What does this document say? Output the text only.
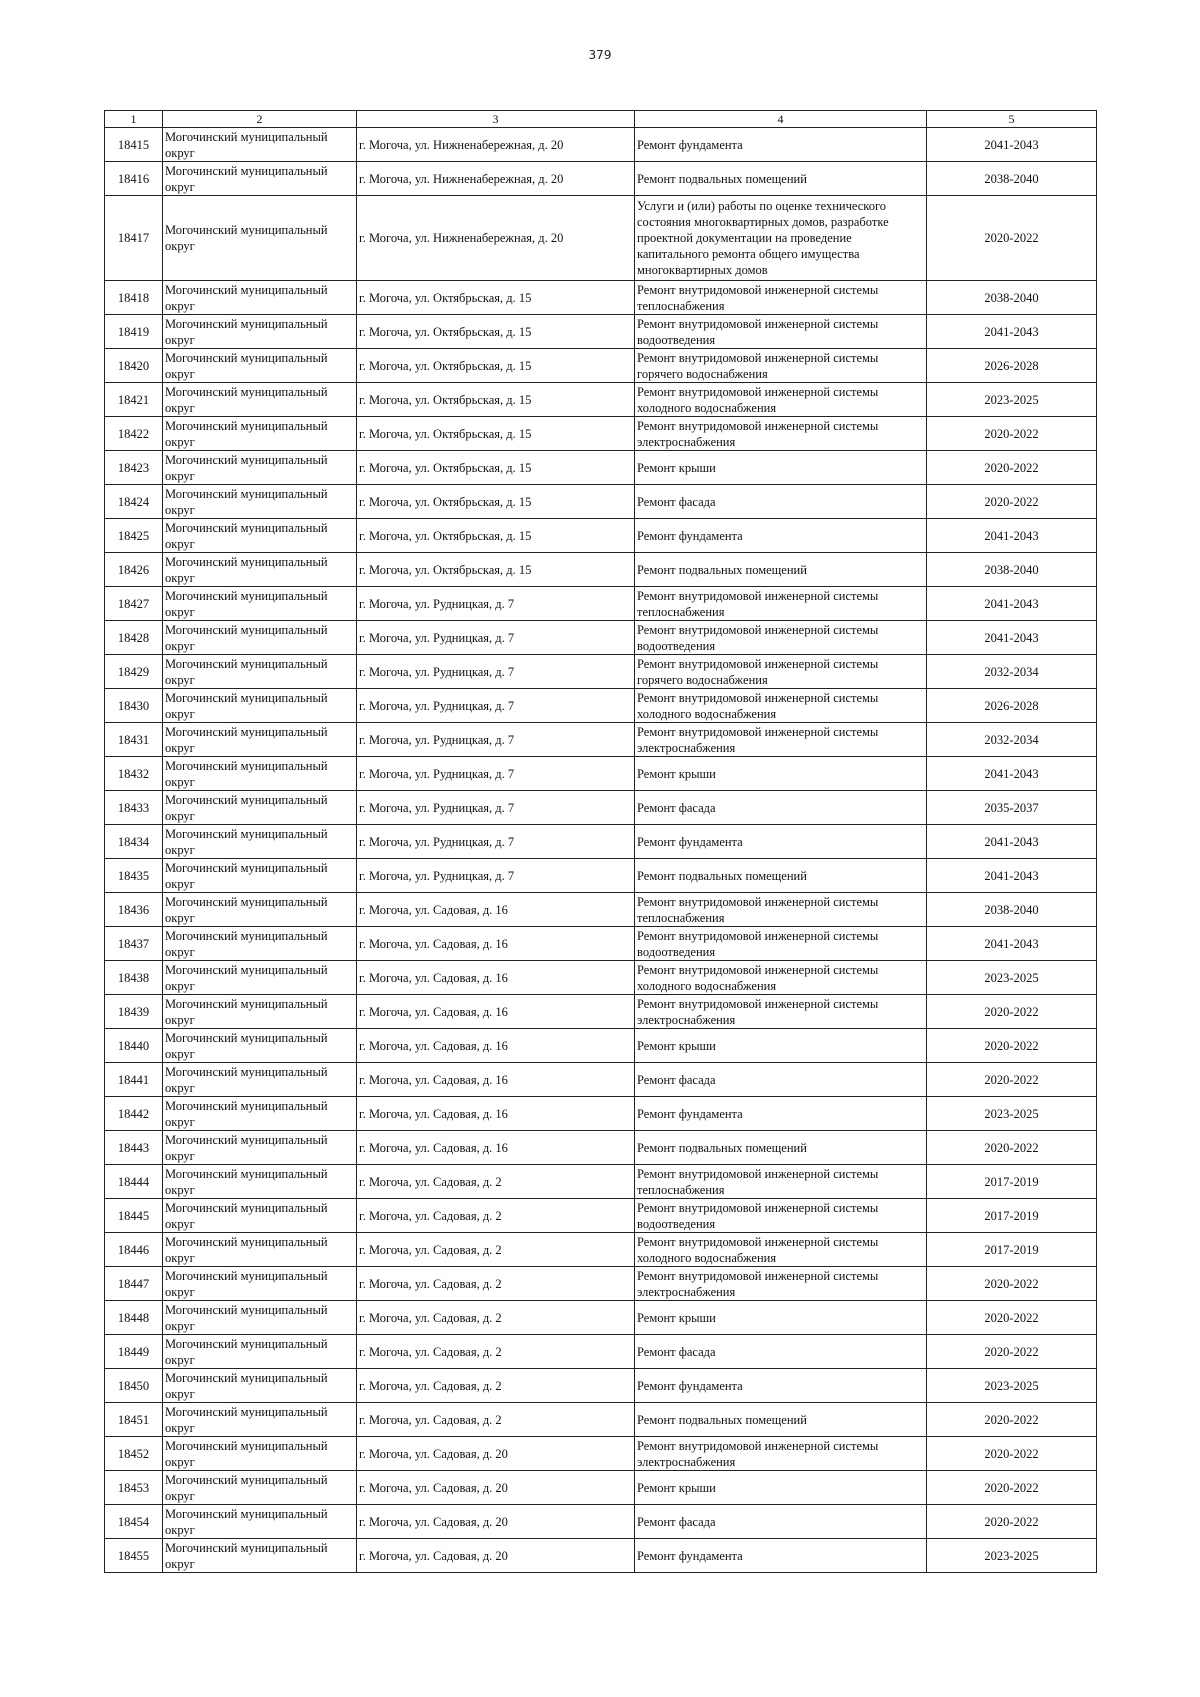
379
1	2	3	4	5
18415	Могочинский муниципальный округ	г. Могоча, ул. Нижненабережная, д. 20	Ремонт фундамента	2041-2043
18416	Могочинский муниципальный округ	г. Могоча, ул. Нижненабережная, д. 20	Ремонт подвальных помещений	2038-2040
18417	Могочинский муниципальный округ	г. Могоча, ул. Нижненабережная, д. 20	Услуги и (или) работы по оценке технического состояния многоквартирных домов, разработке проектной документации на проведение капитального ремонта общего имущества многоквартирных домов	2020-2022
18418	Могочинский муниципальный округ	г. Могоча, ул. Октябрьская, д. 15	Ремонт внутридомовой инженерной системы теплоснабжения	2038-2040
18419	Могочинский муниципальный округ	г. Могоча, ул. Октябрьская, д. 15	Ремонт внутридомовой инженерной системы водоотведения	2041-2043
18420	Могочинский муниципальный округ	г. Могоча, ул. Октябрьская, д. 15	Ремонт внутридомовой инженерной системы горячего водоснабжения	2026-2028
18421	Могочинский муниципальный округ	г. Могоча, ул. Октябрьская, д. 15	Ремонт внутридомовой инженерной системы холодного водоснабжения	2023-2025
18422	Могочинский муниципальный округ	г. Могоча, ул. Октябрьская, д. 15	Ремонт внутридомовой инженерной системы электроснабжения	2020-2022
18423	Могочинский муниципальный округ	г. Могоча, ул. Октябрьская, д. 15	Ремонт крыши	2020-2022
18424	Могочинский муниципальный округ	г. Могоча, ул. Октябрьская, д. 15	Ремонт фасада	2020-2022
18425	Могочинский муниципальный округ	г. Могоча, ул. Октябрьская, д. 15	Ремонт фундамента	2041-2043
18426	Могочинский муниципальный округ	г. Могоча, ул. Октябрьская, д. 15	Ремонт подвальных помещений	2038-2040
18427	Могочинский муниципальный округ	г. Могоча, ул. Рудницкая, д. 7	Ремонт внутридомовой инженерной системы теплоснабжения	2041-2043
18428	Могочинский муниципальный округ	г. Могоча, ул. Рудницкая, д. 7	Ремонт внутридомовой инженерной системы водоотведения	2041-2043
18429	Могочинский муниципальный округ	г. Могоча, ул. Рудницкая, д. 7	Ремонт внутридомовой инженерной системы горячего водоснабжения	2032-2034
18430	Могочинский муниципальный округ	г. Могоча, ул. Рудницкая, д. 7	Ремонт внутридомовой инженерной системы холодного водоснабжения	2026-2028
18431	Могочинский муниципальный округ	г. Могоча, ул. Рудницкая, д. 7	Ремонт внутридомовой инженерной системы электроснабжения	2032-2034
18432	Могочинский муниципальный округ	г. Могоча, ул. Рудницкая, д. 7	Ремонт крыши	2041-2043
18433	Могочинский муниципальный округ	г. Могоча, ул. Рудницкая, д. 7	Ремонт фасада	2035-2037
18434	Могочинский муниципальный округ	г. Могоча, ул. Рудницкая, д. 7	Ремонт фундамента	2041-2043
18435	Могочинский муниципальный округ	г. Могоча, ул. Рудницкая, д. 7	Ремонт подвальных помещений	2041-2043
18436	Могочинский муниципальный округ	г. Могоча, ул. Садовая, д. 16	Ремонт внутридомовой инженерной системы теплоснабжения	2038-2040
18437	Могочинский муниципальный округ	г. Могоча, ул. Садовая, д. 16	Ремонт внутридомовой инженерной системы водоотведения	2041-2043
18438	Могочинский муниципальный округ	г. Могоча, ул. Садовая, д. 16	Ремонт внутридомовой инженерной системы холодного водоснабжения	2023-2025
18439	Могочинский муниципальный округ	г. Могоча, ул. Садовая, д. 16	Ремонт внутридомовой инженерной системы электроснабжения	2020-2022
18440	Могочинский муниципальный округ	г. Могоча, ул. Садовая, д. 16	Ремонт крыши	2020-2022
18441	Могочинский муниципальный округ	г. Могоча, ул. Садовая, д. 16	Ремонт фасада	2020-2022
18442	Могочинский муниципальный округ	г. Могоча, ул. Садовая, д. 16	Ремонт фундамента	2023-2025
18443	Могочинский муниципальный округ	г. Могоча, ул. Садовая, д. 16	Ремонт подвальных помещений	2020-2022
18444	Могочинский муниципальный округ	г. Могоча, ул. Садовая, д. 2	Ремонт внутридомовой инженерной системы теплоснабжения	2017-2019
18445	Могочинский муниципальный округ	г. Могоча, ул. Садовая, д. 2	Ремонт внутридомовой инженерной системы водоотведения	2017-2019
18446	Могочинский муниципальный округ	г. Могоча, ул. Садовая, д. 2	Ремонт внутридомовой инженерной системы холодного водоснабжения	2017-2019
18447	Могочинский муниципальный округ	г. Могоча, ул. Садовая, д. 2	Ремонт внутридомовой инженерной системы электроснабжения	2020-2022
18448	Могочинский муниципальный округ	г. Могоча, ул. Садовая, д. 2	Ремонт крыши	2020-2022
18449	Могочинский муниципальный округ	г. Могоча, ул. Садовая, д. 2	Ремонт фасада	2020-2022
18450	Могочинский муниципальный округ	г. Могоча, ул. Садовая, д. 2	Ремонт фундамента	2023-2025
18451	Могочинский муниципальный округ	г. Могоча, ул. Садовая, д. 2	Ремонт подвальных помещений	2020-2022
18452	Могочинский муниципальный округ	г. Могоча, ул. Садовая, д. 20	Ремонт внутридомовой инженерной системы электроснабжения	2020-2022
18453	Могочинский муниципальный округ	г. Могоча, ул. Садовая, д. 20	Ремонт крыши	2020-2022
18454	Могочинский муниципальный округ	г. Могоча, ул. Садовая, д. 20	Ремонт фасада	2020-2022
18455	Могочинский муниципальный округ	г. Могоча, ул. Садовая, д. 20	Ремонт фундамента	2023-2025
